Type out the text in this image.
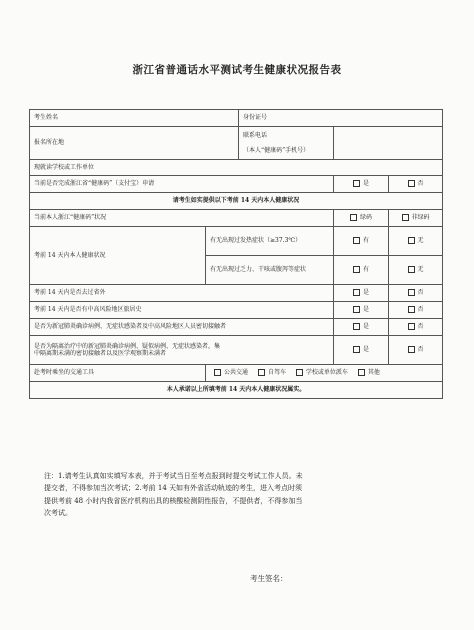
浙江省普通话水平测试考生健康状况报告表
考生姓名		身份证号		
报名所在地		联系电话
（本人“健康码”手机号）		

现就读学校或工作单位				
当前是否完成浙江省“健康码”（支付宝）申请			是	否
请考生如实提供以下考前 14 天内本人健康状况				
当前本人浙江“健康码”状况			绿码	非绿码
考前 14 天内本人健康状况	有无出现过发热症状（≥37.3℃）		有	无
	有无出现过乏力、干咳或腹泻等症状		有	无
考前 14 天内是否去过省外			是	否
考前 14 天内是否有中高风险地区旅居史			是	否
是否为新冠肺炎确诊病例、无症状感染者及中高风险地区人员密切接触者			是	否

是否为隔离治疗中的新冠肺炎确诊病例、疑似病例、无症状感染者，集
中隔离期未满的密切接触者以及医学观察期未满者			是	否
赴考时乘坐的交通工具	公共交通 自驾车 学校或单位派车 其他			
本人承诺以上所填考前 14 天内本人健康状况属实。				
注：1.请考生认真如实填写本表，并于考试当日至考点报到时提交考试工作人员。未
提交者，不得参加当次考试；2.考前 14 天如有外省活动轨迹的考生，进入考点时须
提供考前 48 小时内我省医疗机构出具的核酸检测阴性报告，不提供者，不得参加当
次考试。
考生签名：
